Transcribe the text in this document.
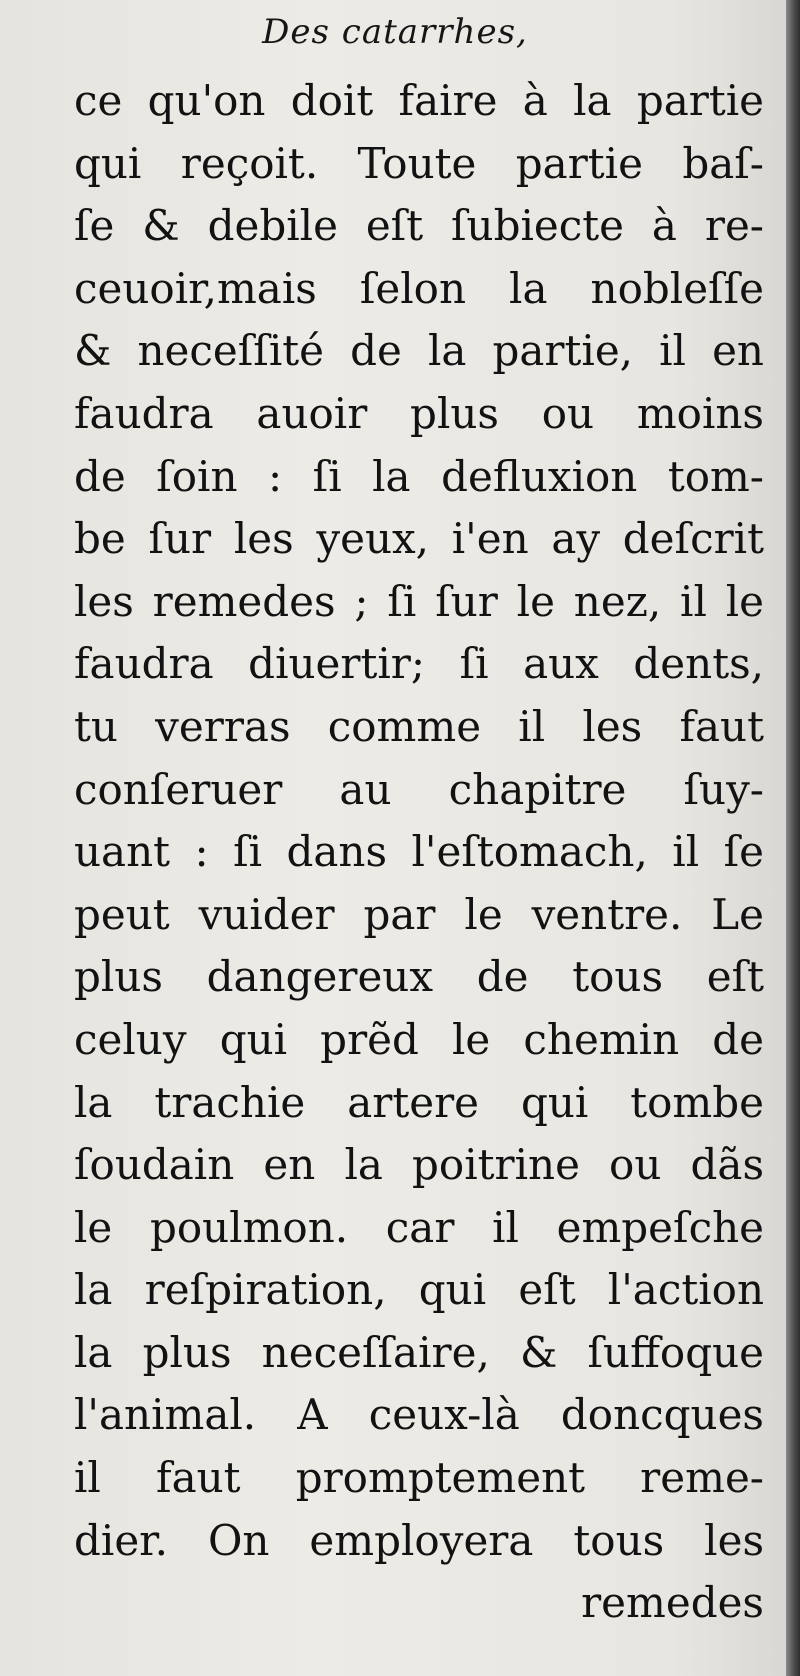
Des catarrhes,
ce qu'on doit faire à la partie
qui reçoit. Toute partie baſ-
ſe & debile eſt ſubiecte à re-
ceuoir,mais ſelon la nobleſſe
& neceſſité de la partie, il en
faudra auoir plus ou moins
de ſoin : ſi la defluxion tom-
be ſur les yeux, i'en ay deſcrit
les remedes ; ſi ſur le nez, il le
faudra diuertir; ſi aux dents,
tu verras comme il les faut
conſeruer au chapitre ſuy-
uant : ſi dans l'eſtomach, il ſe
peut vuider par le ventre. Le
plus dangereux de tous eſt
celuy qui prẽd le chemin de
la trachie artere qui tombe
ſoudain en la poitrine ou dãs
le poulmon. car il empeſche
la reſpiration, qui eſt l'action
la plus neceſſaire, & ſuffoque
l'animal. A ceux-là doncques
il faut promptement reme-
dier. On employera tous les
remedes
